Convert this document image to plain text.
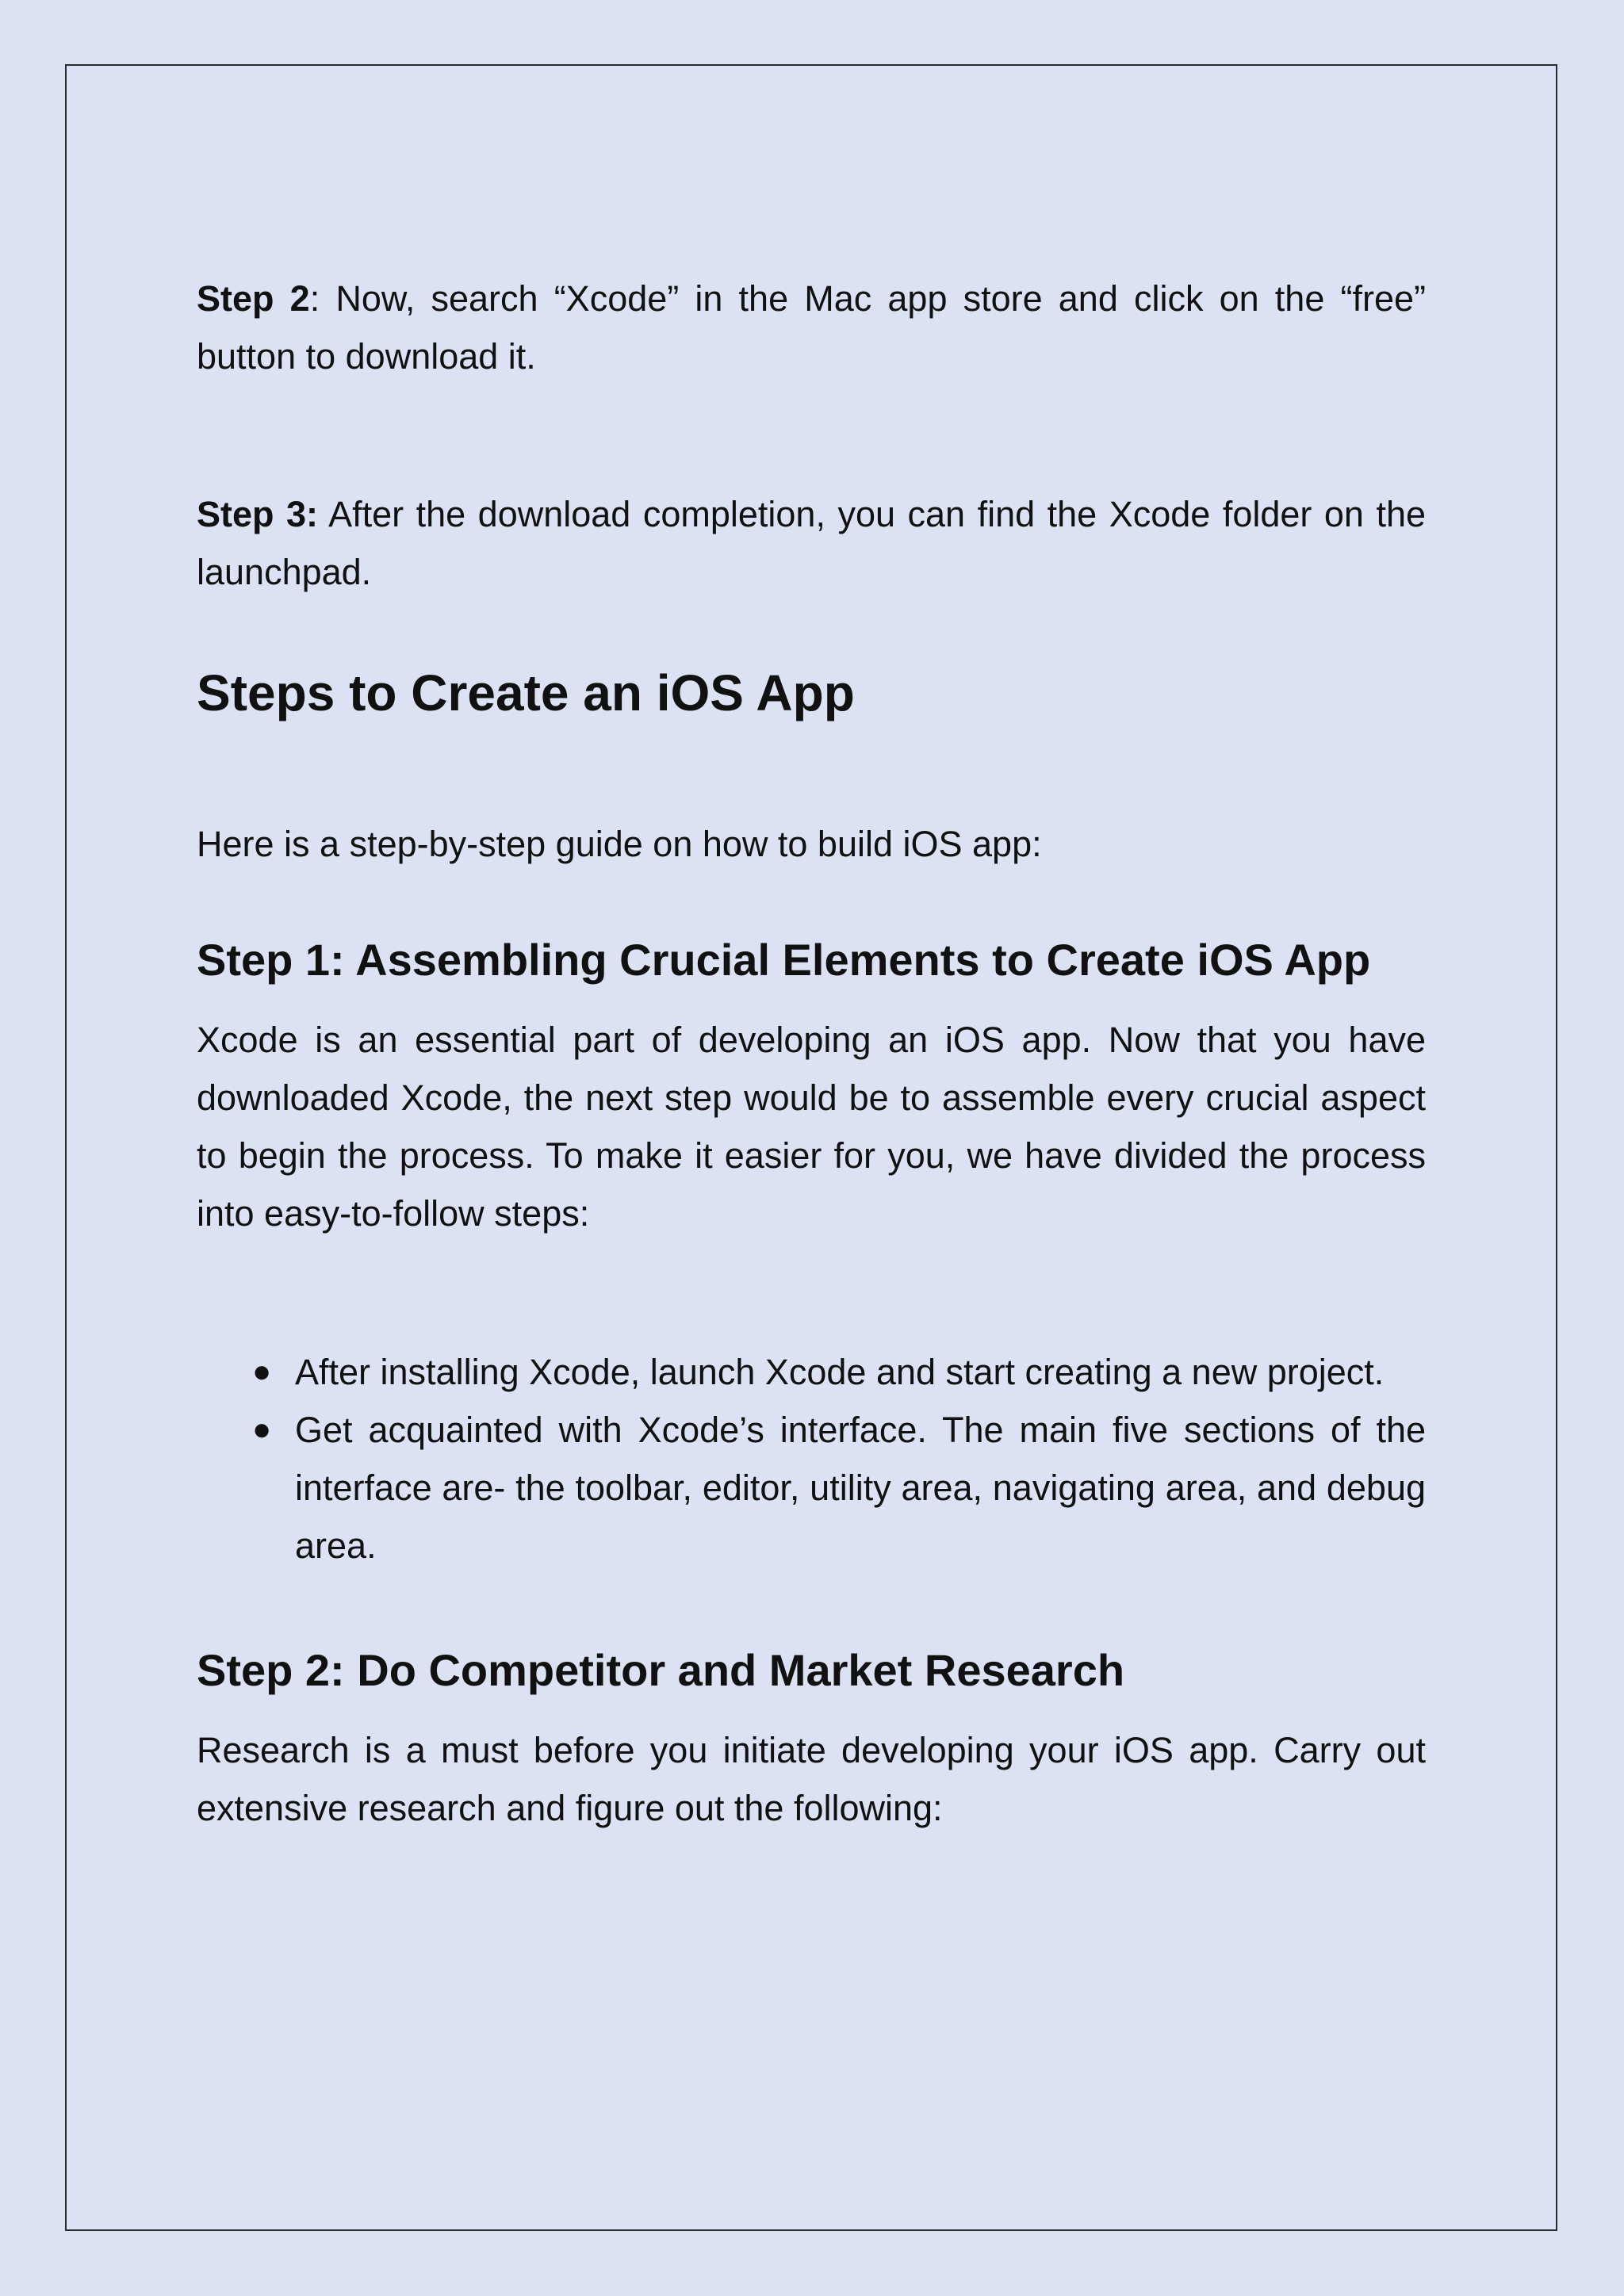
Step 2: Now, search “Xcode” in the Mac app store and click on the “free” button to download it.

Step 3: After the download completion, you can find the Xcode folder on the launchpad.

Steps to Create an iOS App

Here is a step-by-step guide on how to build iOS app:

Step 1: Assembling Crucial Elements to Create iOS App

Xcode is an essential part of developing an iOS app. Now that you have downloaded Xcode, the next step would be to assemble every crucial aspect to begin the process. To make it easier for you, we have divided the process into easy-to-follow steps:

● After installing Xcode, launch Xcode and start creating a new project.
● Get acquainted with Xcode’s interface. The main five sections of the interface are- the toolbar, editor, utility area, navigating area, and debug area.
Step 2: Do Competitor and Market Research

Research is a must before you initiate developing your iOS app. Carry out extensive research and figure out the following:
